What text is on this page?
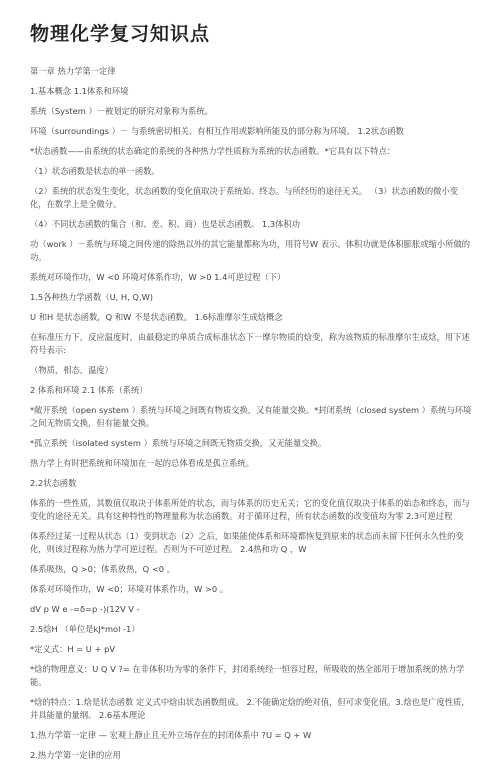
物理化学复习知识点

第一章 热力学第一定律

1.基本概念 1.1体系和环境

系统（System ）－被划定的研究对象称为系统。

环境（surroundings ）－ 与系统密切相关、有相互作用或影响所能及的部分称为环境。 1.2状态函数

*状态函数——由系统的状态确定的系统的各种热力学性质称为系统的状态函数。*它具有以下特点：

（1）状态函数是状态的单一函数。

（2）系统的状态发生变化，状态函数的变化值取决于系统始、终态。与所经历的途径无关。 （3）状态函数的微小变化，在数学上是全微分。

（4）不同状态函数的集合（和、差、积、商）也是状态函数。 1.3体积功

功（work ）－系统与环境之间传递的除热以外的其它能量都称为功，用符号W 表示。体积功就是体积膨胀或缩小所做的功。

系统对环境作功，W <0 环境对体系作功，W >0 1.4可逆过程（下）

1.5各种热力学函数（U, H, Q,W)

U 和H 是状态函数，Q 和W 不是状态函数。 1.6标准摩尔生成焓概念

在标准压力下，反应温度时，由最稳定的单质合成标准状态下一摩尔物质的焓变，称为该物质的标准摩尔生成焓，用下述符号表示:

（物质，相态，温度）

2 体系和环境 2.1 体系（系统）

*敞开系统（open system ）系统与环境之间既有物质交换，又有能量交换。*封闭系统（closed system ）系统与环境之间无物质交换，但有能量交换。

*孤立系统（isolated system ）系统与环境之间既无物质交换，又无能量交换。

热力学上有时把系统和环境加在一起的总体看成是孤立系统。

2.2状态函数

体系的一些性质，其数值仅取决于体系所处的状态，而与体系的历史无关；它的变化值仅取决于体系的始态和终态，而与变化的途径无关。具有这种特性的物理量称为状态函数。对于循环过程，所有状态函数的改变值均为零 2.3可逆过程

体系经过某一过程从状态（1）变到状态（2）之后，如果能使体系和环境都恢复到原来的状态而未留下任何永久性的变化，则该过程称为热力学可逆过程。否则为不可逆过程。 2.4热和功 Q ，W

体系吸热，Q >0；体系放热，Q <0 。

体系对环境作功，W <0；环境对体系作功，W >0 。

dV p W e -=δ=p -)(12V V -

2.5焓H （单位是kJ*mol -1）

*定义式：H = U + pV

*焓的物理意义：U Q V ?= 在非体积功为零的条件下，封闭系统经一恒容过程，所吸收的热全部用于增加系统的热力学能。

*焓的特点：1.焓是状态函数 定义式中焓由状态函数组成。 2.不能确定焓的绝对值，但可求变化值。3.焓也是广度性质，并具能量的量纲。 2.6基本理论

1.热力学第一定律 — 宏观上静止且无外立场存在的封闭体系中 ?U = Q + W

2.热力学第一定律的应用
